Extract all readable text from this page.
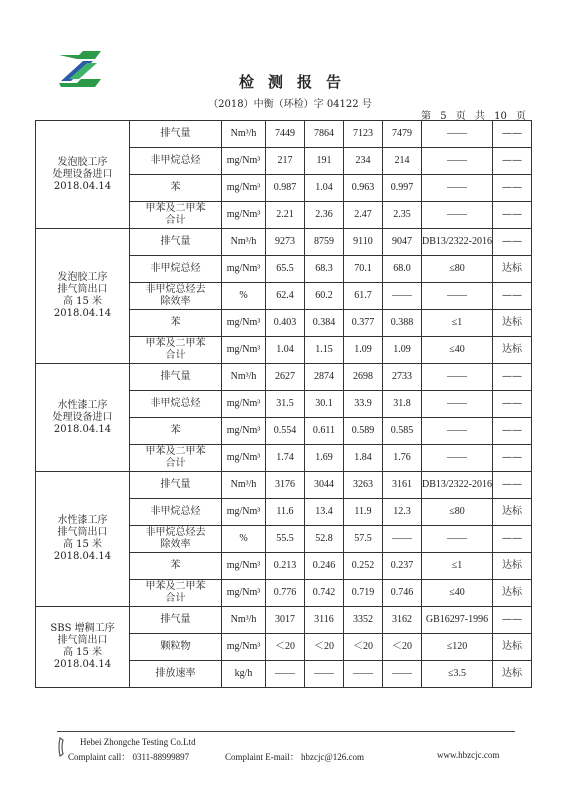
检测报告
（2018）中衡（环检）字 04122 号
第 5 页 共 10 页
发泡胶工序
处理设备进口
2018.04.14	排气量	Nm³/h	7449	7864	7123	7479	——	——

	非甲烷总烃	mg/Nm³	217	191	234	214	——	——

	苯	mg/Nm³	0.987	1.04	0.963	0.997	——	——

	甲苯及二甲苯
合计	mg/Nm³	2.21	2.36	2.47	2.35	——	——

发泡胶工序
排气筒出口
高 15 米
2018.04.14	排气量	Nm³/h	9273	8759	9110	9047	DB13/2322-2016	——

	非甲烷总烃	mg/Nm³	65.5	68.3	70.1	68.0	≤80	达标

	非甲烷总烃去
除效率	%	62.4	60.2	61.7	——	——	——

	苯	mg/Nm³	0.403	0.384	0.377	0.388	≤1	达标

	甲苯及二甲苯
合计	mg/Nm³	1.04	1.15	1.09	1.09	≤40	达标

水性漆工序
处理设备进口
2018.04.14	排气量	Nm³/h	2627	2874	2698	2733	——	——

	非甲烷总烃	mg/Nm³	31.5	30.1	33.9	31.8	——	——

	苯	mg/Nm³	0.554	0.611	0.589	0.585	——	——

	甲苯及二甲苯
合计	mg/Nm³	1.74	1.69	1.84	1.76	——	——

水性漆工序
排气筒出口
高 15 米
2018.04.14	排气量	Nm³/h	3176	3044	3263	3161	DB13/2322-2016	——

	非甲烷总烃	mg/Nm³	11.6	13.4	11.9	12.3	≤80	达标

	非甲烷总烃去
除效率	%	55.5	52.8	57.5	——	——	——

	苯	mg/Nm³	0.213	0.246	0.252	0.237	≤1	达标

	甲苯及二甲苯
合计	mg/Nm³	0.776	0.742	0.719	0.746	≤40	达标

SBS 增稠工序
排气筒出口
高 15 米
2018.04.14	排气量	Nm³/h	3017	3116	3352	3162	GB16297-1996	——

	颗粒物	mg/Nm³	＜20	＜20	＜20	＜20	≤120	达标

	排放速率	kg/h	——	——	——	——	≤3.5	达标
Hebei Zhongche Testing Co.Ltd
Complaint call： 0311-88999897	Complaint E-mail： hbzcjc@126.com	www.hbzcjc.com
